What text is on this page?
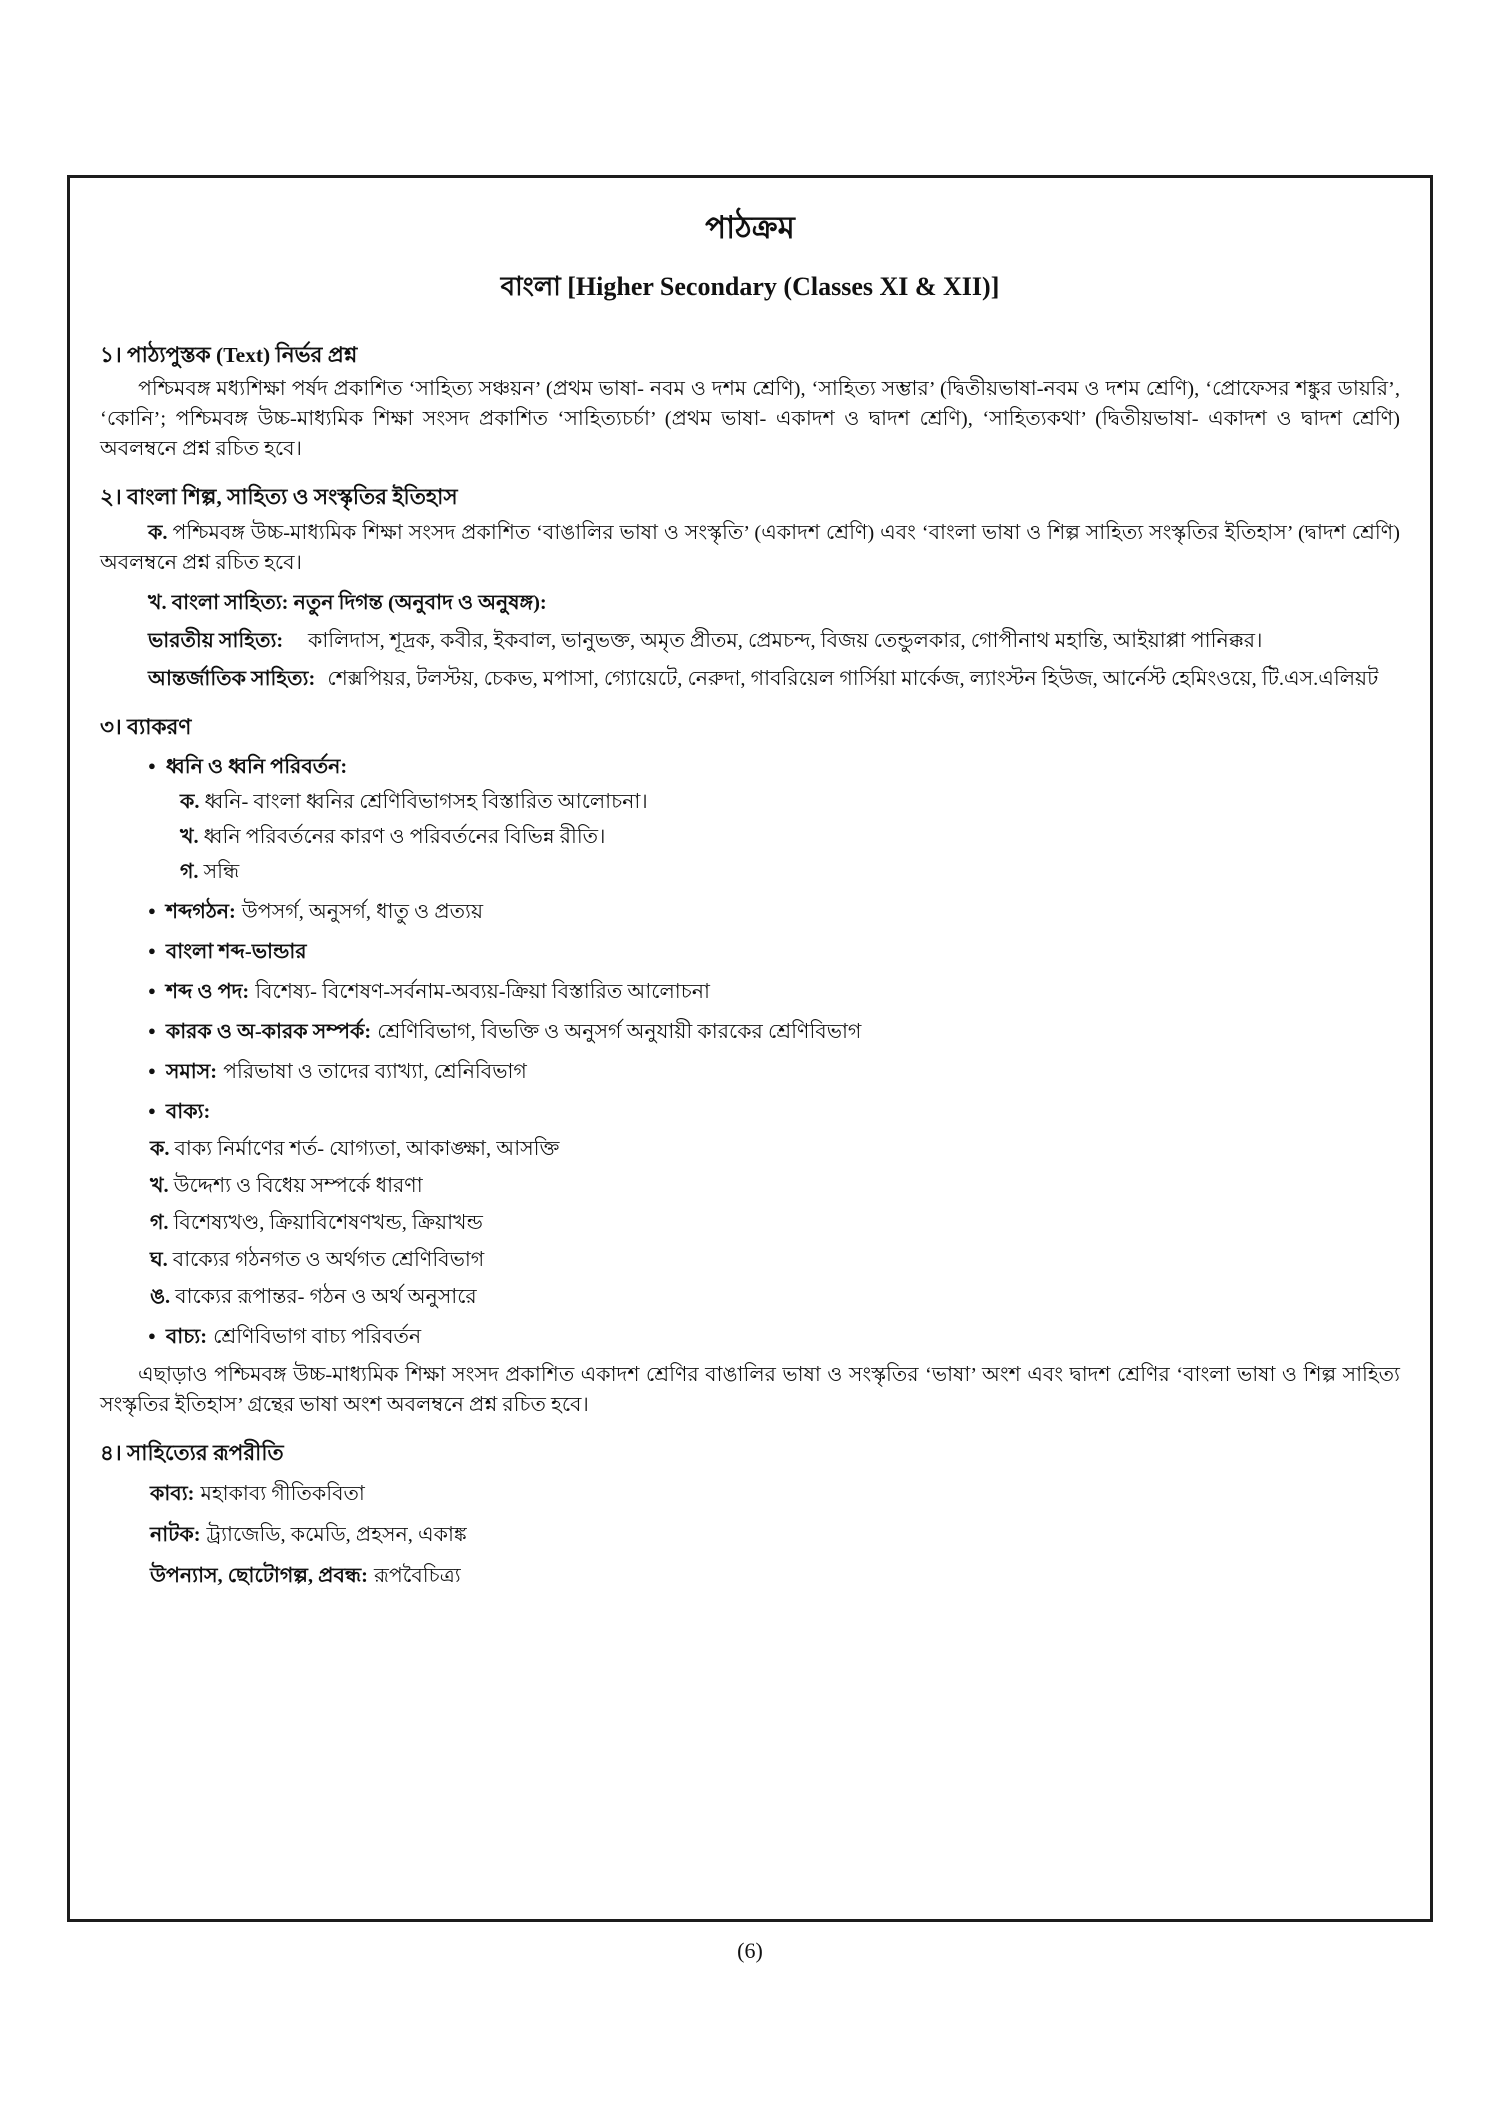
পাঠক্রম
বাংলা [Higher Secondary (Classes XI & XII)]
১। পাঠ্যপুস্তক (Text) নির্ভর প্রশ্ন

পশ্চিমবঙ্গ মধ্যশিক্ষা পর্ষদ প্রকাশিত ‘সাহিত্য সঞ্চয়ন’ (প্রথম ভাষা- নবম ও দশম শ্রেণি), ‘সাহিত্য সম্ভার’ (দ্বিতীয়ভাষা-নবম ও দশম শ্রেণি), ‘প্রোফেসর শঙ্কুর ডায়রি’, ‘কোনি’; পশ্চিমবঙ্গ উচ্চ-মাধ্যমিক শিক্ষা সংসদ প্রকাশিত ‘সাহিত্যচর্চা’ (প্রথম ভাষা- একাদশ ও দ্বাদশ শ্রেণি), ‘সাহিত্যকথা’ (দ্বিতীয়ভাষা- একাদশ ও দ্বাদশ শ্রেণি) অবলম্বনে প্রশ্ন রচিত হবে।

২। বাংলা শিল্প, সাহিত্য ও সংস্কৃতির ইতিহাস

ক. পশ্চিমবঙ্গ উচ্চ-মাধ্যমিক শিক্ষা সংসদ প্রকাশিত ‘বাঙালির ভাষা ও সংস্কৃতি’ (একাদশ শ্রেণি) এবং ‘বাংলা ভাষা ও শিল্প সাহিত্য সংস্কৃতির ইতিহাস’ (দ্বাদশ শ্রেণি) অবলম্বনে প্রশ্ন রচিত হবে।

খ. বাংলা সাহিত্য: নতুন দিগন্ত (অনুবাদ ও অনুষঙ্গ):
ভারতীয় সাহিত্য:	কালিদাস, শূদ্রক, কবীর, ইকবাল, ভানুভক্ত, অমৃত প্রীতম, প্রেমচন্দ, বিজয় তেন্ডুলকার, গোপীনাথ মহান্তি, আইয়াপ্পা পানিক্কর।
আন্তর্জাতিক সাহিত্য: শেক্সপিয়র, টলস্টয়, চেকভ, মপাসা, গ্যোয়েটে, নেরুদা, গাবরিয়েল গার্সিয়া মার্কেজ, ল্যাংস্টন হিউজ, আর্নেস্ট হেমিংওয়ে, টি.এস.এলিয়ট
৩। ব্যাকরণ
● ধ্বনি ও ধ্বনি পরিবর্তন:
ক. ধ্বনি- বাংলা ধ্বনির শ্রেণিবিভাগসহ বিস্তারিত আলোচনা।
খ. ধ্বনি পরিবর্তনের কারণ ও পরিবর্তনের বিভিন্ন রীতি।
গ. সন্ধি
● শব্দগঠন: উপসর্গ, অনুসর্গ, ধাতু ও প্রত্যয়
● বাংলা শব্দ-ভান্ডার
● শব্দ ও পদ: বিশেষ্য- বিশেষণ-সর্বনাম-অব্যয়-ক্রিয়া বিস্তারিত আলোচনা
● কারক ও অ-কারক সম্পর্ক: শ্রেণিবিভাগ, বিভক্তি ও অনুসর্গ অনুযায়ী কারকের শ্রেণিবিভাগ
● সমাস: পরিভাষা ও তাদের ব্যাখ্যা, শ্রেনিবিভাগ
● বাক্য:
ক. বাক্য নির্মাণের শর্ত- যোগ্যতা, আকাঙ্ক্ষা, আসক্তি
খ. উদ্দেশ্য ও বিধেয় সম্পর্কে ধারণা
গ. বিশেষ্যখণ্ড, ক্রিয়াবিশেষণখন্ড, ক্রিয়াখন্ড
ঘ. বাক্যের গঠনগত ও অর্থগত শ্রেণিবিভাগ
ঙ. বাক্যের রূপান্তর- গঠন ও অর্থ অনুসারে
● বাচ্য: শ্রেণিবিভাগ বাচ্য পরিবর্তন

এছাড়াও পশ্চিমবঙ্গ উচ্চ-মাধ্যমিক শিক্ষা সংসদ প্রকাশিত একাদশ শ্রেণির বাঙালির ভাষা ও সংস্কৃতির ‘ভাষা’ অংশ এবং দ্বাদশ শ্রেণির ‘বাংলা ভাষা ও শিল্প সাহিত্য সংস্কৃতির ইতিহাস’ গ্রন্থের ভাষা অংশ অবলম্বনে প্রশ্ন রচিত হবে।

৪। সাহিত্যের রূপরীতি
কাব্য: মহাকাব্য গীতিকবিতা
নাটক: ট্র্যাজেডি, কমেডি, প্রহসন, একাঙ্ক
উপন্যাস, ছোটোগল্প, প্রবন্ধ: রূপবৈচিত্র্য
(6)
